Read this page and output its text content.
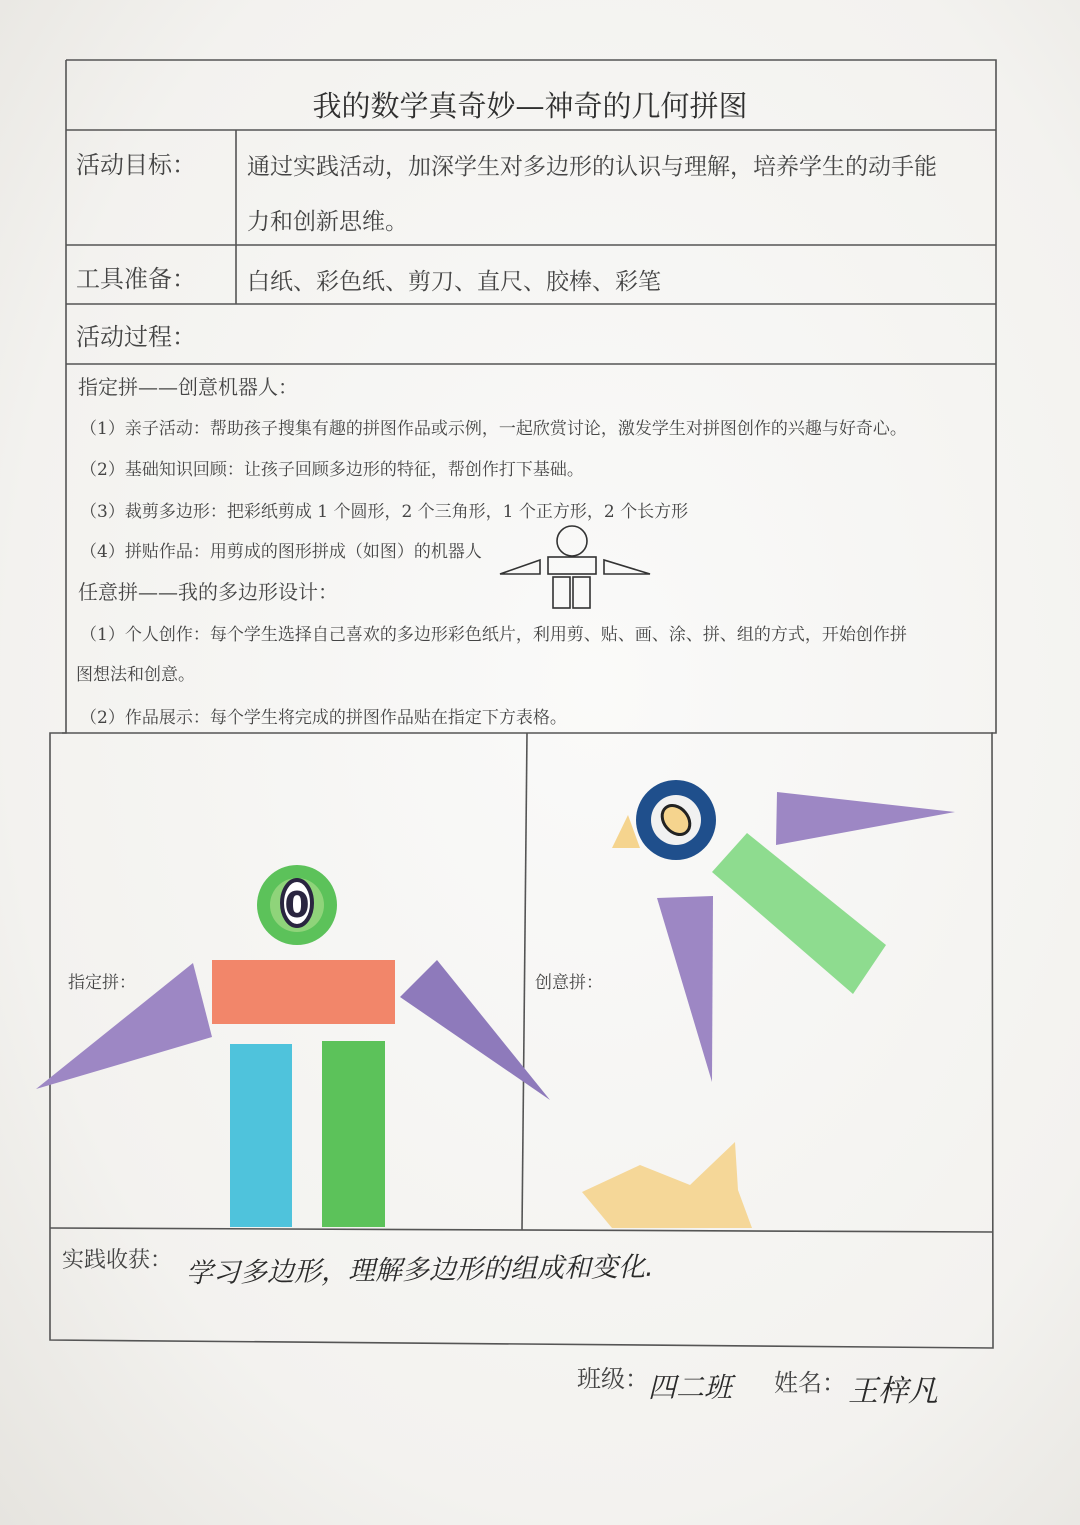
0
我的数学真奇妙—神奇的几何拼图
活动目标： 通过实践活动，加深学生对多边形的认识与理解，培养学生的动手能
力和创新思维。
工具准备： 白纸、彩色纸、剪刀、直尺、胶棒、彩笔
活动过程：
指定拼——创意机器人：
（1）亲子活动：帮助孩子搜集有趣的拼图作品或示例，一起欣赏讨论，激发学生对拼图创作的兴趣与好奇心。
（2）基础知识回顾：让孩子回顾多边形的特征，帮创作打下基础。
（3）裁剪多边形：把彩纸剪成 1 个圆形，2 个三角形，1 个正方形，2 个长方形
（4）拼贴作品：用剪成的图形拼成（如图）的机器人
任意拼——我的多边形设计：
（1）个人创作：每个学生选择自己喜欢的多边形彩色纸片，利用剪、贴、画、涂、拼、组的方式，开始创作拼
图想法和创意。
（2）作品展示：每个学生将完成的拼图作品贴在指定下方表格。
指定拼：	创意拼：
实践收获： 学习多边形，理解多边形的组成和变化.
班级： 四二班 姓名： 王梓凡
